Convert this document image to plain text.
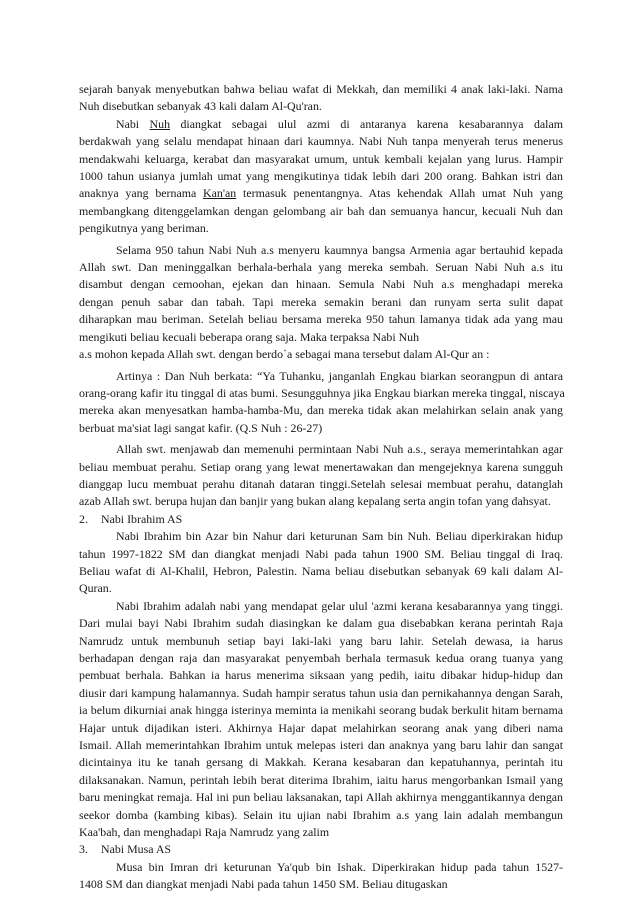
sejarah banyak menyebutkan bahwa beliau wafat di Mekkah, dan memiliki 4 anak laki-laki. Nama
Nuh disebutkan sebanyak 43 kali dalam Al-Qu'ran.
Nabi Nuh diangkat sebagai ulul azmi di antaranya karena kesabarannya dalam
berdakwah yang selalu mendapat hinaan dari kaumnya. Nabi Nuh tanpa menyerah terus menerus
mendakwahi keluarga, kerabat dan masyarakat umum, untuk kembali kejalan yang lurus. Hampir
1000 tahun usianya jumlah umat yang mengikutinya tidak lebih dari 200 orang. Bahkan istri dan
anaknya yang bernama Kan'an termasuk penentangnya. Atas kehendak Allah umat Nuh yang
membangkang ditenggelamkan dengan gelombang air bah dan semuanya hancur, kecuali Nuh dan
pengikutnya yang beriman.
Selama 950 tahun Nabi Nuh a.s menyeru kaumnya bangsa Armenia agar bertauhid kepada
Allah swt. Dan meninggalkan berhala-berhala yang mereka sembah. Seruan Nabi Nuh a.s itu
disambut dengan cemoohan, ejekan dan hinaan. Semula Nabi Nuh a.s menghadapi mereka
dengan penuh sabar dan tabah. Tapi mereka semakin berani dan runyam serta sulit dapat
diharapkan mau beriman. Setelah beliau bersama mereka 950 tahun lamanya tidak ada yang mau
mengikuti beliau kecuali beberapa orang saja. Maka terpaksa Nabi Nuh
a.s mohon kepada Allah swt. dengan berdo`a sebagai mana tersebut dalam Al-Qur an :
Artinya : Dan Nuh berkata: “Ya Tuhanku, janganlah Engkau biarkan seorangpun di antara
orang-orang kafir itu tinggal di atas bumi. Sesungguhnya jika Engkau biarkan mereka tinggal, niscaya
mereka akan menyesatkan hamba-hamba-Mu, dan mereka tidak akan melahirkan selain anak yang
berbuat ma'siat lagi sangat kafir. (Q.S Nuh : 26-27)
Allah swt. menjawab dan memenuhi permintaan Nabi Nuh a.s., seraya memerintahkan agar
beliau membuat perahu. Setiap orang yang lewat menertawakan dan mengejeknya karena sungguh
dianggap lucu membuat perahu ditanah dataran tinggi.Setelah selesai membuat perahu, datanglah
azab Allah swt. berupa hujan dan banjir yang bukan alang kepalang serta angin tofan yang dahsyat.
2. Nabi Ibrahim AS
Nabi Ibrahim bin Azar bin Nahur dari keturunan Sam bin Nuh. Beliau diperkirakan hidup
tahun 1997-1822 SM dan diangkat menjadi Nabi pada tahun 1900 SM. Beliau tinggal di Iraq.
Beliau wafat di Al-Khalil, Hebron, Palestin. Nama beliau disebutkan sebanyak 69 kali dalam Al-
Quran.
Nabi Ibrahim adalah nabi yang mendapat gelar ulul 'azmi kerana kesabarannya yang tinggi.
Dari mulai bayi Nabi Ibrahim sudah diasingkan ke dalam gua disebabkan kerana perintah Raja
Namrudz untuk membunuh setiap bayi laki-laki yang baru lahir. Setelah dewasa, ia harus
berhadapan dengan raja dan masyarakat penyembah berhala termasuk kedua orang tuanya yang
pembuat berhala. Bahkan ia harus menerima siksaan yang pedih, iaitu dibakar hidup-hidup dan
diusir dari kampung halamannya. Sudah hampir seratus tahun usia dan pernikahannya dengan Sarah,
ia belum dikurniai anak hingga isterinya meminta ia menikahi seorang budak berkulit hitam bernama
Hajar untuk dijadikan isteri. Akhirnya Hajar dapat melahirkan seorang anak yang diberi nama
Ismail. Allah memerintahkan Ibrahim untuk melepas isteri dan anaknya yang baru lahir dan sangat
dicintainya itu ke tanah gersang di Makkah. Kerana kesabaran dan kepatuhannya, perintah itu
dilaksanakan. Namun, perintah lebih berat diterima Ibrahim, iaitu harus mengorbankan Ismail yang
baru meningkat remaja. Hal ini pun beliau laksanakan, tapi Allah akhirnya menggantikannya dengan
seekor domba (kambing kibas). Selain itu ujian nabi Ibrahim a.s yang lain adalah membangun
Kaa'bah, dan menghadapi Raja Namrudz yang zalim
3. Nabi Musa AS
Musa bin Imran dri keturunan Ya'qub bin Ishak. Diperkirakan hidup pada tahun 1527-
1408 SM dan diangkat menjadi Nabi pada tahun 1450 SM. Beliau ditugaskan
